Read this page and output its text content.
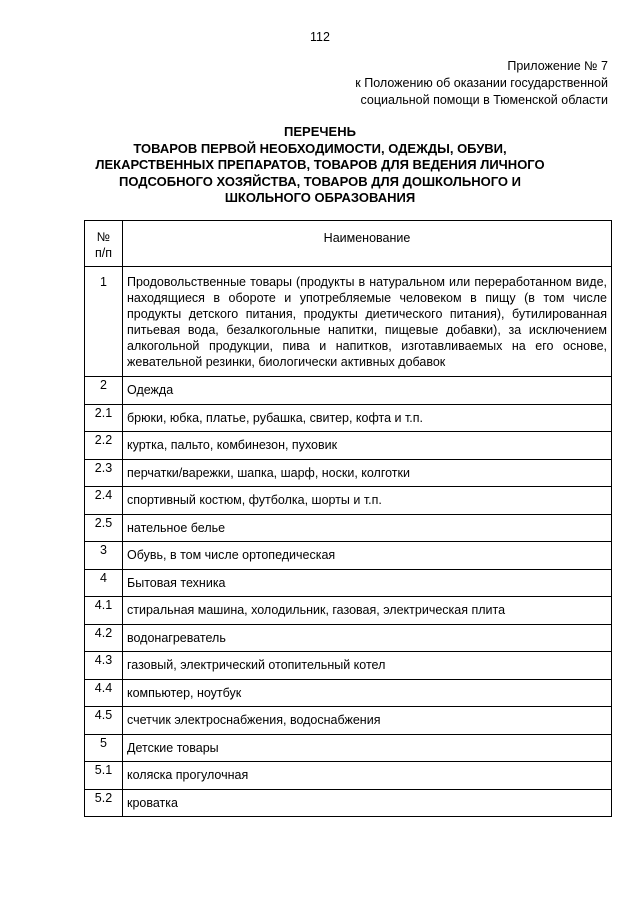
112
Приложение № 7
к Положению об оказании государственной
социальной помощи в Тюменской области
ПЕРЕЧЕНЬ
ТОВАРОВ ПЕРВОЙ НЕОБХОДИМОСТИ, ОДЕЖДЫ, ОБУВИ,
ЛЕКАРСТВЕННЫХ ПРЕПАРАТОВ, ТОВАРОВ ДЛЯ ВЕДЕНИЯ ЛИЧНОГО
ПОДСОБНОГО ХОЗЯЙСТВА, ТОВАРОВ ДЛЯ ДОШКОЛЬНОГО И
ШКОЛЬНОГО ОБРАЗОВАНИЯ
№
п/п	Наименование
1	Продовольственные товары (продукты в натуральном или переработанном виде, находящиеся в обороте и употребляемые человеком в пищу (в том числе продукты детского питания, продукты диетического питания), бутилированная питьевая вода, безалкогольные напитки, пищевые добавки), за исключением алкогольной продукции, пива и напитков, изготавливаемых на его основе, жевательной резинки, биологически активных добавок
2	Одежда
2.1	брюки, юбка, платье, рубашка, свитер, кофта и т.п.
2.2	куртка, пальто, комбинезон, пуховик
2.3	перчатки/варежки, шапка, шарф, носки, колготки
2.4	спортивный костюм, футболка, шорты и т.п.
2.5	нательное белье
3	Обувь, в том числе ортопедическая
4	Бытовая техника
4.1	стиральная машина, холодильник, газовая, электрическая плита
4.2	водонагреватель
4.3	газовый, электрический отопительный котел
4.4	компьютер, ноутбук
4.5	счетчик электроснабжения, водоснабжения
5	Детские товары
5.1	коляска прогулочная
5.2	кроватка
